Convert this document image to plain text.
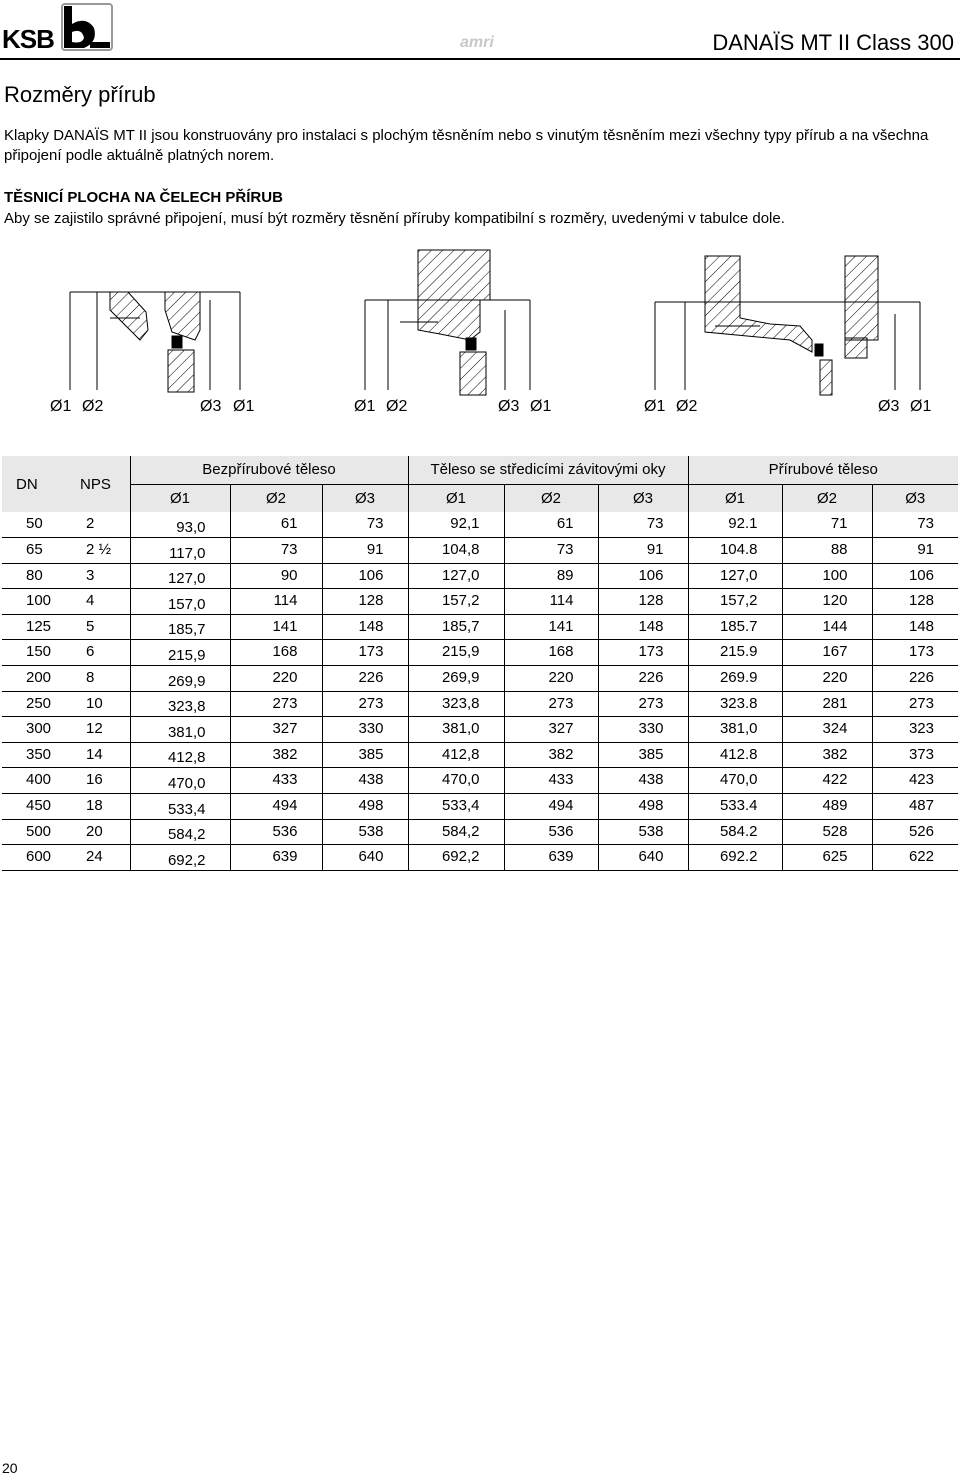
KSB	amri	DANAÏS MT II Class 300
Rozměry přírub
Klapky DANAÏS MT II jsou konstruovány pro instalaci s plochým těsněním nebo s vinutým těsněním mezi všechny typy přírub a na všechna připojení podle aktuálně platných norem.
TĚSNICÍ PLOCHA NA ČELECH PŘÍRUB
Aby se zajistilo správné připojení, musí být rozměry těsnění příruby kompatibilní s rozměry, uvedenými v tabulce dole.
Ø1 Ø2	Ø3 Ø1	Ø1 Ø2	Ø3 Ø1	Ø1 Ø2	Ø3 Ø1
DN	NPS	Bezpřírubové těleso			Těleso se středicími závitovými oky			Přírubové těleso		
		Ø1	Ø2	Ø3	Ø1	Ø2	Ø3	Ø1	Ø2	Ø3
50	2	93,0	61	73	92,1	61	73	92.1	71	73
65	2 ½	117,0	73	91	104,8	73	91	104.8	88	91
80	3	127,0	90	106	127,0	89	106	127,0	100	106
100	4	157,0	114	128	157,2	114	128	157,2	120	128
125	5	185,7	141	148	185,7	141	148	185.7	144	148
150	6	215,9	168	173	215,9	168	173	215.9	167	173
200	8	269,9	220	226	269,9	220	226	269.9	220	226
250	10	323,8	273	273	323,8	273	273	323.8	281	273
300	12	381,0	327	330	381,0	327	330	381,0	324	323
350	14	412,8	382	385	412,8	382	385	412.8	382	373
400	16	470,0	433	438	470,0	433	438	470,0	422	423
450	18	533,4	494	498	533,4	494	498	533.4	489	487
500	20	584,2	536	538	584,2	536	538	584.2	528	526
600	24	692,2	639	640	692,2	639	640	692.2	625	622
20
